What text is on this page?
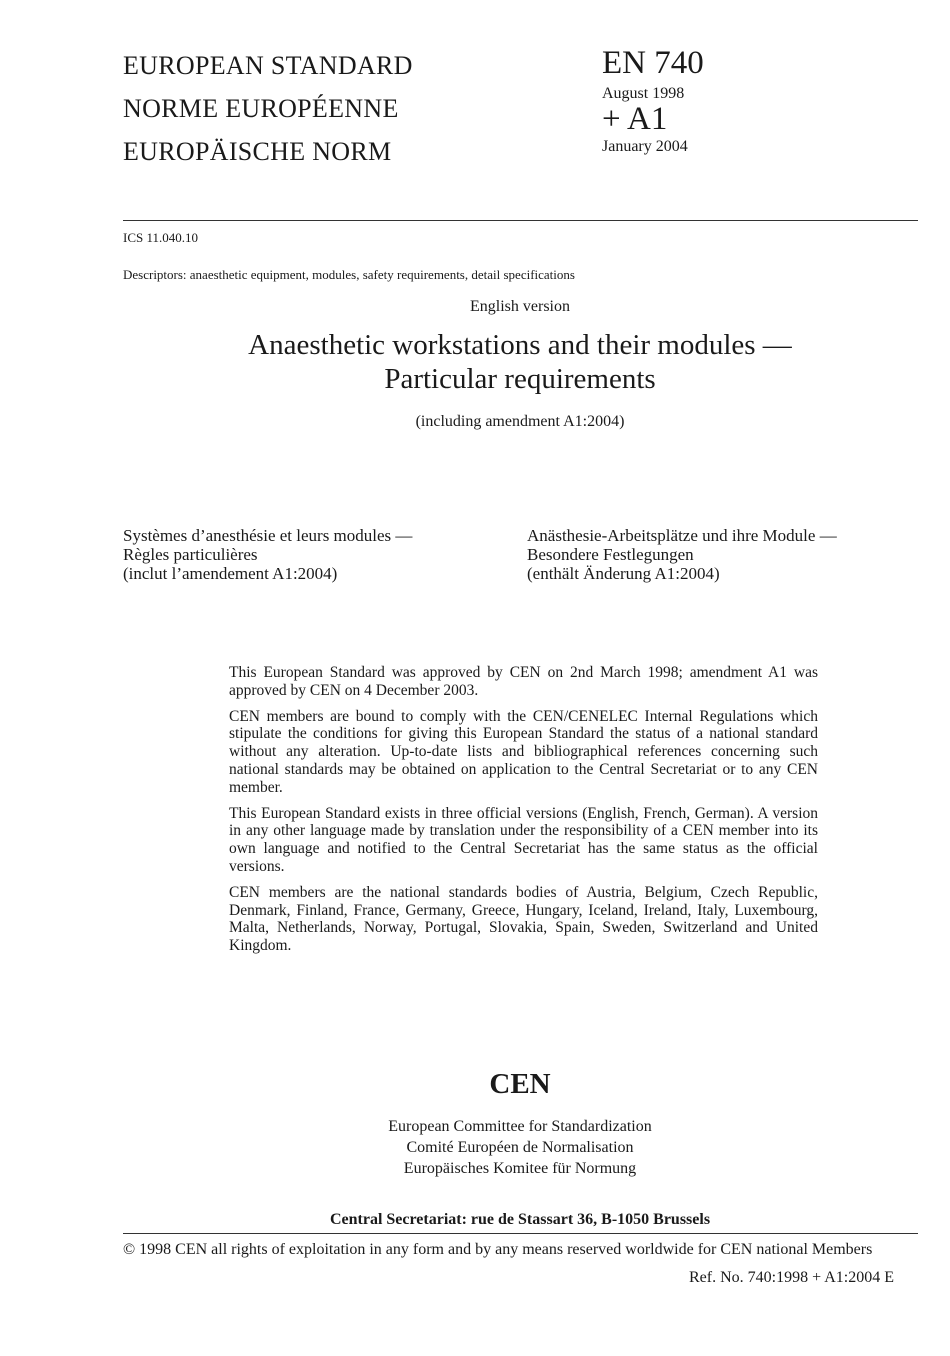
EUROPEAN STANDARD
NORME EUROPÉENNE
EUROPÄISCHE NORM
EN 740
August 1998
+ A1
January 2004
ICS 11.040.10
Descriptors: anaesthetic equipment, modules, safety requirements, detail specifications
English version
Anaesthetic workstations and their modules —
Particular requirements
(including amendment A1:2004)
Systèmes d’anesthésie et leurs modules —
Règles particulières
(inclut l’amendement A1:2004)
Anästhesie-Arbeitsplätze und ihre Module —
Besondere Festlegungen
(enthält Änderung A1:2004)

This European Standard was approved by CEN on 2nd March 1998; amendment A1 was approved by CEN on 4 December 2003.

CEN members are bound to comply with the CEN/CENELEC Internal Regulations which stipulate the conditions for giving this European Standard the status of a national standard without any alteration. Up-to-date lists and bibliographical references concerning such national standards may be obtained on application to the Central Secretariat or to any CEN member.

This European Standard exists in three official versions (English, French, German). A version in any other language made by translation under the responsibility of a CEN member into its own language and notified to the Central Secretariat has the same status as the official versions.

CEN members are the national standards bodies of Austria, Belgium, Czech Republic, Denmark, Finland, France, Germany, Greece, Hungary, Iceland, Ireland, Italy, Luxembourg, Malta, Netherlands, Norway, Portugal, Slovakia, Spain, Sweden, Switzerland and United Kingdom.

CEN
European Committee for Standardization
Comité Européen de Normalisation
Europäisches Komitee für Normung
Central Secretariat: rue de Stassart 36, B-1050 Brussels
© 1998 CEN all rights of exploitation in any form and by any means reserved worldwide for CEN national Members
Ref. No. 740:1998 + A1:2004 E
